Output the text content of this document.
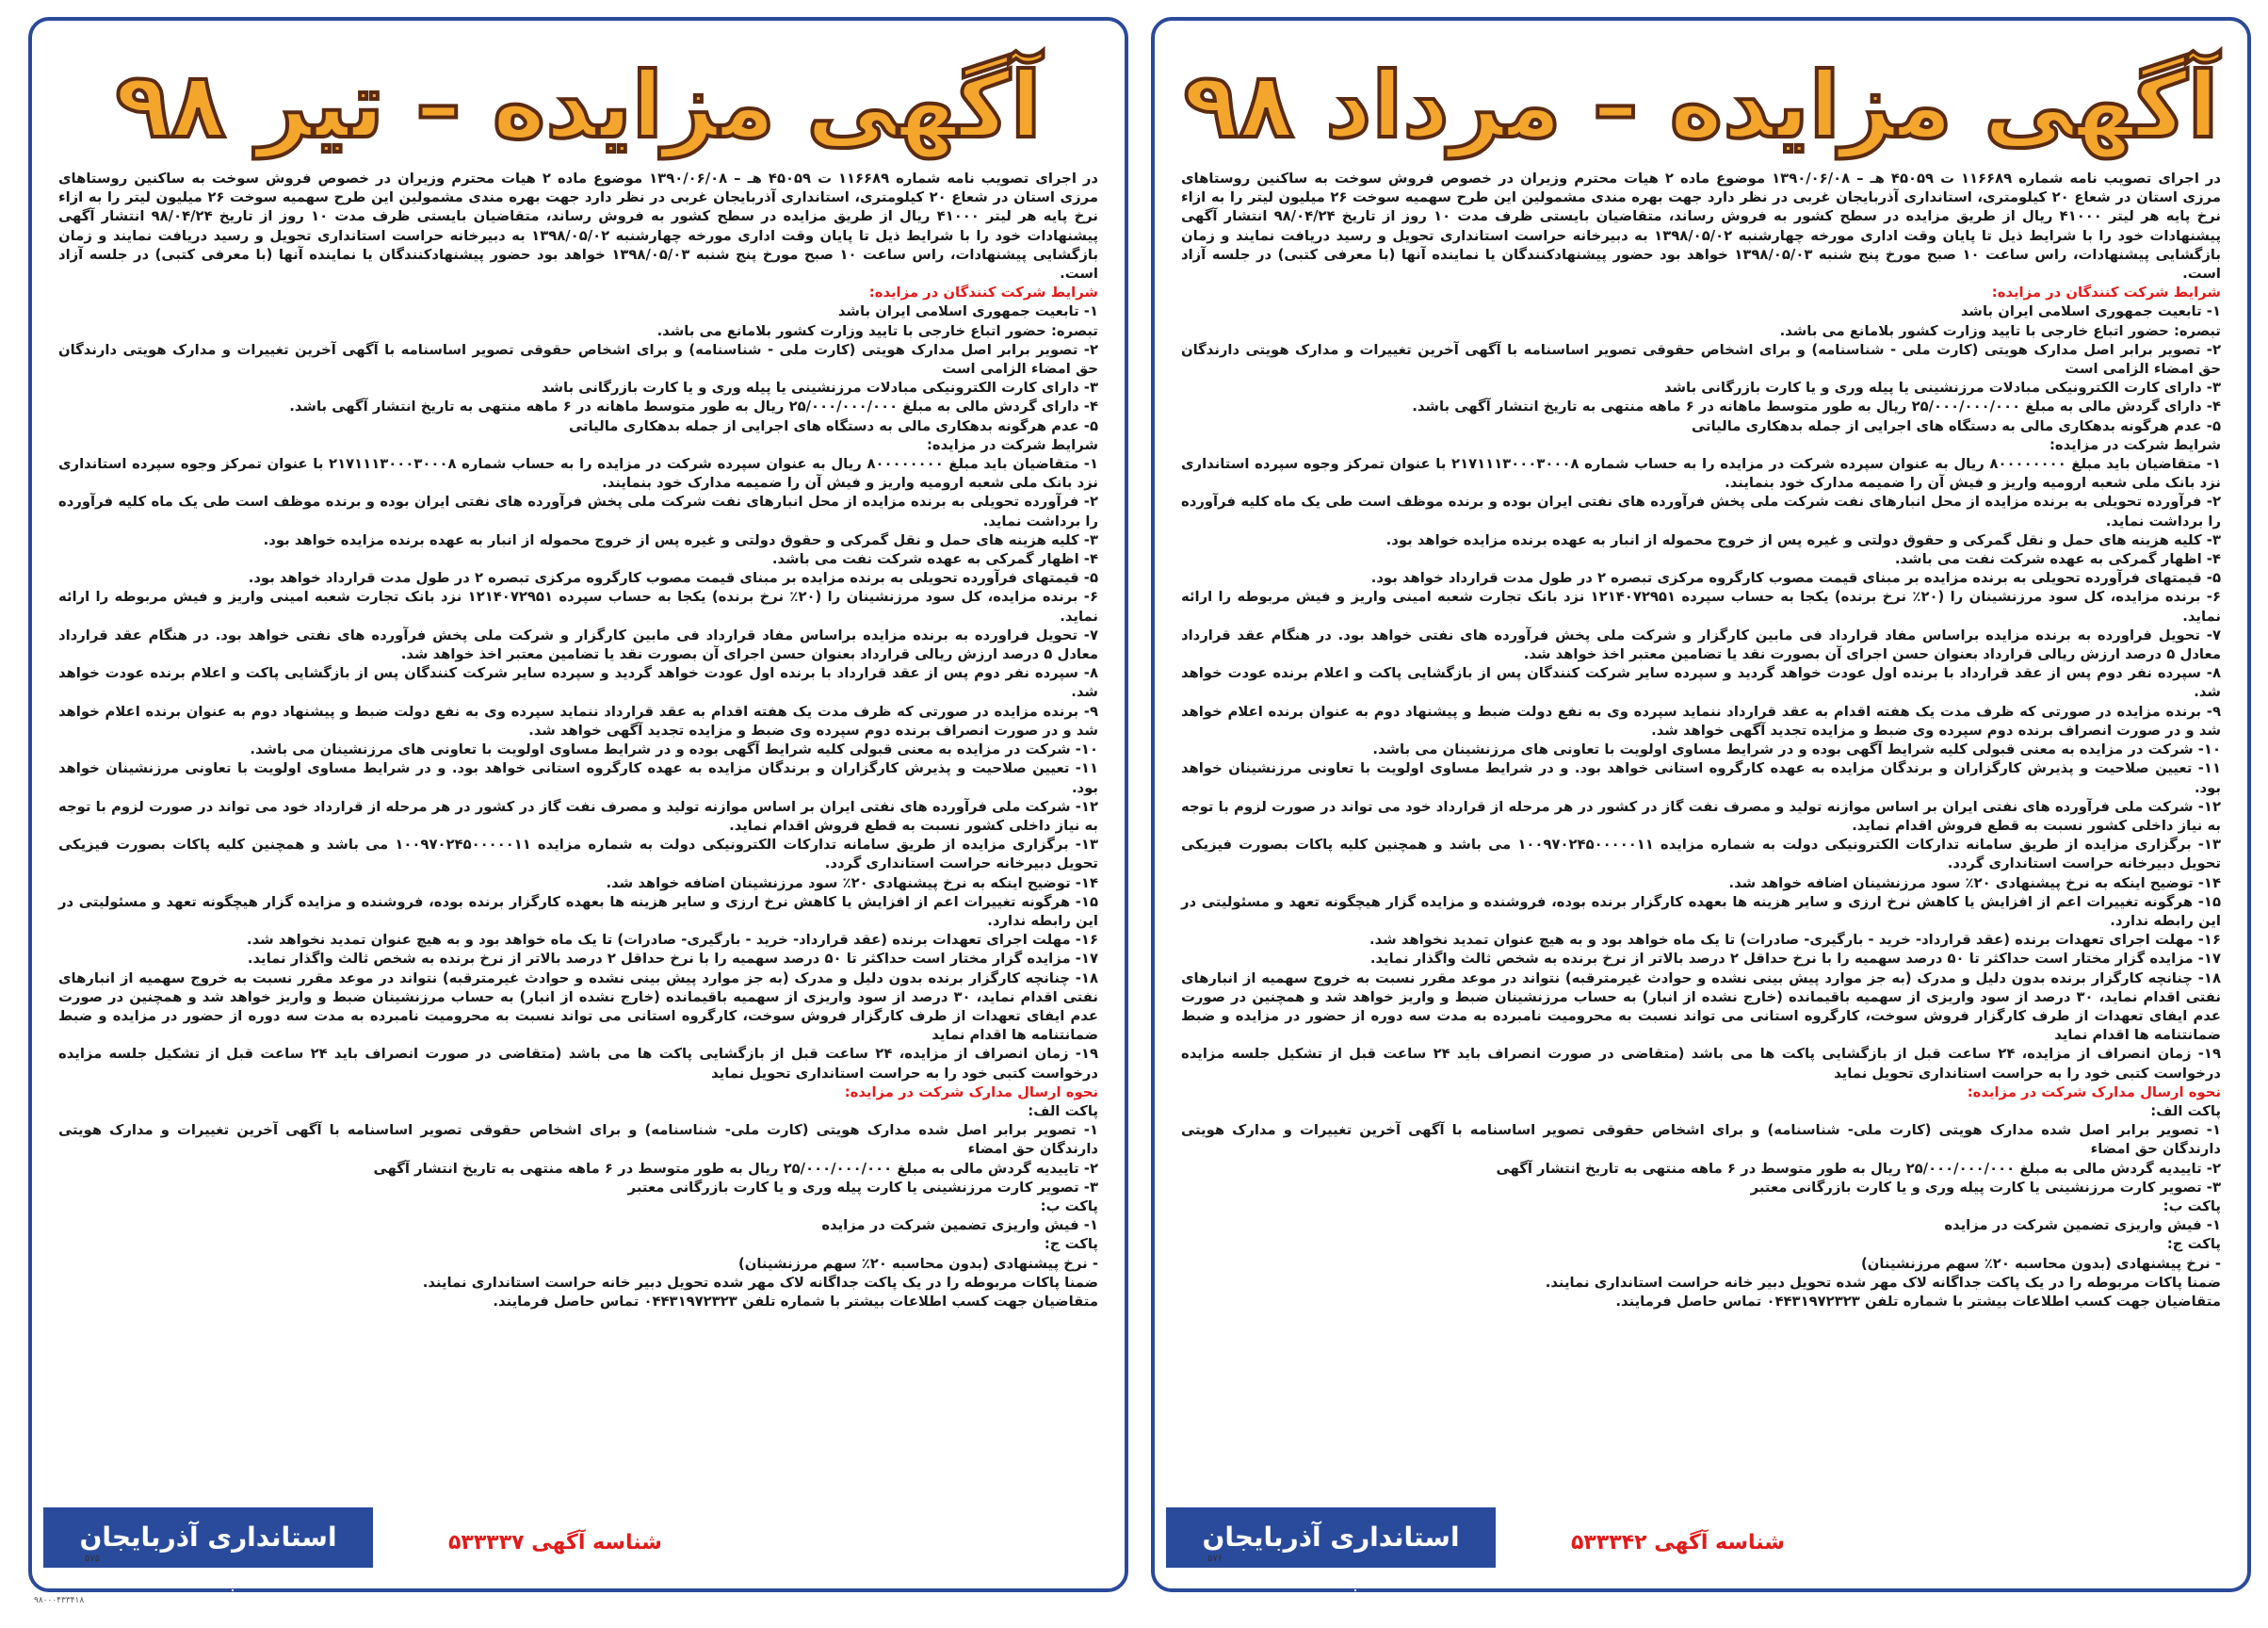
آگهی مزایده – مرداد ۹۸

در اجرای تصویب نامه شماره ۱۱۶۶۸۹ ت ۴۵۰۵۹ هـ – ۱۳۹۰/۰۶/۰۸ موضوع ماده ۲ هیات محترم وزیران در خصوص فروش سوخت به ساکنین روستاهای مرزی استان در شعاع ۲۰ کیلومتری، استانداری آذربایجان غربی در نظر دارد جهت بهره مندی مشمولین این طرح سهمیه سوخت ۲۶ میلیون لیتر را به ازاء نرخ پایه هر لیتر ۴۱۰۰۰ ریال از طریق مزایده در سطح کشور به فروش رساند، متقاضیان بایستی ظرف مدت ۱۰ روز از تاریخ ۹۸/۰۴/۲۴ انتشار آگهی پیشنهادات خود را با شرایط ذیل تا پایان وقت اداری مورخه چهارشنبه ۱۳۹۸/۰۵/۰۲ به دبیرخانه حراست استانداری تحویل و رسید دریافت نمایند و زمان بازگشایی پیشنهادات، راس ساعت ۱۰ صبح مورخ پنج شنبه ۱۳۹۸/۰۵/۰۳ خواهد بود حضور پیشنهادکنندگان یا نماینده آنها (با معرفی کتبی) در جلسه آزاد است.

شرایط شرکت کنندگان در مزایده:

۱- تابعیت جمهوری اسلامی ایران باشد

تبصره: حضور اتباع خارجی با تایید وزارت کشور بلامانع می باشد.

۲- تصویر برابر اصل مدارک هویتی (کارت ملی - شناسنامه) و برای اشخاص حقوقی تصویر اساسنامه با آگهی آخرین تغییرات و مدارک هویتی دارندگان حق امضاء الزامی است

۳- دارای کارت الکترونیکی مبادلات مرزنشینی یا پیله وری و یا کارت بازرگانی باشد

۴- دارای گردش مالی به مبلغ ۲۵/۰۰۰/۰۰۰/۰۰۰ ریال به طور متوسط ماهانه در ۶ ماهه منتهی به تاریخ انتشار آگهی باشد.

۵- عدم هرگونه بدهکاری مالی به دستگاه های اجرایی از جمله بدهکاری مالیاتی

شرایط شرکت در مزایده:

۱- متقاضیان باید مبلغ ۸۰۰۰۰۰۰۰۰ ریال به عنوان سپرده شرکت در مزایده را به حساب شماره ۲۱۷۱۱۱۳۰۰۰۳۰۰۰۸ با عنوان تمرکز وجوه سپرده استانداری نزد بانک ملی شعبه ارومیه واریز و فیش آن را ضمیمه مدارک خود بنمایند.

۲- فرآورده تحویلی به برنده مزایده از محل انبارهای نفت شرکت ملی پخش فرآورده های نفتی ایران بوده و برنده موظف است طی یک ماه کلیه فرآورده را برداشت نماید.

۳- کلیه هزینه های حمل و نقل گمرکی و حقوق دولتی و غیره پس از خروج محموله از انبار به عهده برنده مزایده خواهد بود.

۴- اظهار گمرکی به عهده شرکت نفت می باشد.

۵- قیمتهای فرآورده تحویلی به برنده مزایده بر مبنای قیمت مصوب کارگروه مرکزی تبصره ۲ در طول مدت قرارداد خواهد بود.

۶- برنده مزایده، کل سود مرزنشینان را (۲۰٪ نرخ برنده) یکجا به حساب سپرده ۱۲۱۴۰۷۲۹۵۱ نزد بانک تجارت شعبه امینی واریز و فیش مربوطه را ارائه نماید.

۷- تحویل فراورده به برنده مزایده براساس مفاد قرارداد فی مابین کارگزار و شرکت ملی پخش فرآورده های نفتی خواهد بود. در هنگام عقد قرارداد معادل ۵ درصد ارزش ریالی قرارداد بعنوان حسن اجرای آن بصورت نقد یا تضامین معتبر اخذ خواهد شد.

۸- سپرده نفر دوم پس از عقد قرارداد با برنده اول عودت خواهد گردید و سپرده سایر شرکت کنندگان پس از بازگشایی پاکت و اعلام برنده عودت خواهد شد.

۹- برنده مزایده در صورتی که ظرف مدت یک هفته اقدام به عقد قرارداد ننماید سپرده وی به نفع دولت ضبط و پیشنهاد دوم به عنوان برنده اعلام خواهد شد و در صورت انصراف برنده دوم سپرده وی ضبط و مزایده تجدید آگهی خواهد شد.

۱۰- شرکت در مزایده به معنی قبولی کلیه شرایط آگهی بوده و در شرایط مساوی اولویت با تعاونی های مرزنشینان می باشد.

۱۱- تعیین صلاحیت و پذیرش کارگزاران و برندگان مزایده به عهده کارگروه استانی خواهد بود. و در شرایط مساوی اولویت با تعاونی مرزنشینان خواهد بود.

۱۲- شرکت ملی فرآورده های نفتی ایران بر اساس موازنه تولید و مصرف نفت گاز در کشور در هر مرحله از قرارداد خود می تواند در صورت لزوم با توجه به نیاز داخلی کشور نسبت به قطع فروش اقدام نماید.

۱۳- برگزاری مزایده از طریق سامانه تدارکات الکترونیکی دولت به شماره مزایده ۱۰۰۹۷۰۲۴۵۰۰۰۰۰۱۱ می باشد و همچنین کلیه پاکات بصورت فیزیکی تحویل دبیرخانه حراست استانداری گردد.

۱۴- توضیح اینکه به نرخ پیشنهادی ۲۰٪ سود مرزنشینان اضافه خواهد شد.

۱۵- هرگونه تغییرات اعم از افزایش یا کاهش نرخ ارزی و سایر هزینه ها بعهده کارگزار برنده بوده، فروشنده و مزایده گزار هیچگونه تعهد و مسئولیتی در این رابطه ندارد.

۱۶- مهلت اجرای تعهدات برنده (عقد قرارداد- خرید - بارگیری- صادرات) تا یک ماه خواهد بود و به هیچ عنوان تمدید نخواهد شد.

۱۷- مزایده گزار مختار است حداکثر تا ۵۰ درصد سهمیه را با نرخ حداقل ۲ درصد بالاتر از نرخ برنده به شخص ثالث واگذار نماید.

۱۸- چنانچه کارگزار برنده بدون دلیل و مدرک (به جز موارد پیش بینی نشده و حوادث غیرمترقبه) نتواند در موعد مقرر نسبت به خروج سهمیه از انبارهای نفتی اقدام نماید، ۳۰ درصد از سود واریزی از سهمیه باقیمانده (خارج نشده از انبار) به حساب مرزنشینان ضبط و واریز خواهد شد و همچنین در صورت عدم ایفای تعهدات از طرف کارگزار فروش سوخت، کارگروه استانی می تواند نسبت به محرومیت نامبرده به مدت سه دوره از حضور در مزایده و ضبط ضمانتنامه ها اقدام نماید

۱۹- زمان انصراف از مزایده، ۲۴ ساعت قبل از بازگشایی پاکت ها می باشد (متقاضی در صورت انصراف باید ۲۴ ساعت قبل از تشکیل جلسه مزایده درخواست کتبی خود را به حراست استانداری تحویل نماید

نحوه ارسال مدارک شرکت در مزایده:

پاکت الف:

۱- تصویر برابر اصل شده مدارک هویتی (کارت ملی- شناسنامه) و برای اشخاص حقوقی تصویر اساسنامه با آگهی آخرین تغییرات و مدارک هویتی دارندگان حق امضاء

۲- تاییدیه گردش مالی به مبلغ ۲۵/۰۰۰/۰۰۰/۰۰۰ ریال به طور متوسط در ۶ ماهه منتهی به تاریخ انتشار آگهی

۳- تصویر کارت مرزنشینی یا کارت پیله وری و یا کارت بازرگانی معتبر

پاکت ب:

۱- فیش واریزی تضمین شرکت در مزایده

پاکت ج:

- نرخ پیشنهادی (بدون محاسبه ۲۰٪ سهم مرزنشینان)

ضمنا پاکات مربوطه را در یک پاکت جداگانه لاک مهر شده تحویل دبیر خانه حراست استانداری نمایند.

متقاضیان جهت کسب اطلاعات بیشتر با شماره تلفن ۰۴۴۳۱۹۷۲۳۲۳ تماس حاصل فرمایند.

استانداری آذربایجان غربی
شناسه آگهی ۵۳۳۳۴۲
۵۷۶
آگهی مزایده – تیر ۹۸

در اجرای تصویب نامه شماره ۱۱۶۶۸۹ ت ۴۵۰۵۹ هـ – ۱۳۹۰/۰۶/۰۸ موضوع ماده ۲ هیات محترم وزیران در خصوص فروش سوخت به ساکنین روستاهای مرزی استان در شعاع ۲۰ کیلومتری، استانداری آذربایجان غربی در نظر دارد جهت بهره مندی مشمولین این طرح سهمیه سوخت ۲۶ میلیون لیتر را به ازاء نرخ پایه هر لیتر ۴۱۰۰۰ ریال از طریق مزایده در سطح کشور به فروش رساند، متقاضیان بایستی ظرف مدت ۱۰ روز از تاریخ ۹۸/۰۴/۲۴ انتشار آگهی پیشنهادات خود را با شرایط ذیل تا پایان وقت اداری مورخه چهارشنبه ۱۳۹۸/۰۵/۰۲ به دبیرخانه حراست استانداری تحویل و رسید دریافت نمایند و زمان بازگشایی پیشنهادات، راس ساعت ۱۰ صبح مورخ پنج شنبه ۱۳۹۸/۰۵/۰۳ خواهد بود حضور پیشنهادکنندگان یا نماینده آنها (با معرفی کتبی) در جلسه آزاد است.

شرایط شرکت کنندگان در مزایده:

۱- تابعیت جمهوری اسلامی ایران باشد

تبصره: حضور اتباع خارجی با تایید وزارت کشور بلامانع می باشد.

۲- تصویر برابر اصل مدارک هویتی (کارت ملی - شناسنامه) و برای اشخاص حقوقی تصویر اساسنامه با آگهی آخرین تغییرات و مدارک هویتی دارندگان حق امضاء الزامی است

۳- دارای کارت الکترونیکی مبادلات مرزنشینی یا پیله وری و یا کارت بازرگانی باشد

۴- دارای گردش مالی به مبلغ ۲۵/۰۰۰/۰۰۰/۰۰۰ ریال به طور متوسط ماهانه در ۶ ماهه منتهی به تاریخ انتشار آگهی باشد.

۵- عدم هرگونه بدهکاری مالی به دستگاه های اجرایی از جمله بدهکاری مالیاتی

شرایط شرکت در مزایده:

۱- متقاضیان باید مبلغ ۸۰۰۰۰۰۰۰۰ ریال به عنوان سپرده شرکت در مزایده را به حساب شماره ۲۱۷۱۱۱۳۰۰۰۳۰۰۰۸ با عنوان تمرکز وجوه سپرده استانداری نزد بانک ملی شعبه ارومیه واریز و فیش آن را ضمیمه مدارک خود بنمایند.

۲- فرآورده تحویلی به برنده مزایده از محل انبارهای نفت شرکت ملی پخش فرآورده های نفتی ایران بوده و برنده موظف است طی یک ماه کلیه فرآورده را برداشت نماید.

۳- کلیه هزینه های حمل و نقل گمرکی و حقوق دولتی و غیره پس از خروج محموله از انبار به عهده برنده مزایده خواهد بود.

۴- اظهار گمرکی به عهده شرکت نفت می باشد.

۵- قیمتهای فرآورده تحویلی به برنده مزایده بر مبنای قیمت مصوب کارگروه مرکزی تبصره ۲ در طول مدت قرارداد خواهد بود.

۶- برنده مزایده، کل سود مرزنشینان را (۲۰٪ نرخ برنده) یکجا به حساب سپرده ۱۲۱۴۰۷۲۹۵۱ نزد بانک تجارت شعبه امینی واریز و فیش مربوطه را ارائه نماید.

۷- تحویل فراورده به برنده مزایده براساس مفاد قرارداد فی مابین کارگزار و شرکت ملی پخش فرآورده های نفتی خواهد بود. در هنگام عقد قرارداد معادل ۵ درصد ارزش ریالی قرارداد بعنوان حسن اجرای آن بصورت نقد یا تضامین معتبر اخذ خواهد شد.

۸- سپرده نفر دوم پس از عقد قرارداد با برنده اول عودت خواهد گردید و سپرده سایر شرکت کنندگان پس از بازگشایی پاکت و اعلام برنده عودت خواهد شد.

۹- برنده مزایده در صورتی که ظرف مدت یک هفته اقدام به عقد قرارداد ننماید سپرده وی به نفع دولت ضبط و پیشنهاد دوم به عنوان برنده اعلام خواهد شد و در صورت انصراف برنده دوم سپرده وی ضبط و مزایده تجدید آگهی خواهد شد.

۱۰- شرکت در مزایده به معنی قبولی کلیه شرایط آگهی بوده و در شرایط مساوی اولویت با تعاونی های مرزنشینان می باشد.

۱۱- تعیین صلاحیت و پذیرش کارگزاران و برندگان مزایده به عهده کارگروه استانی خواهد بود. و در شرایط مساوی اولویت با تعاونی مرزنشینان خواهد بود.

۱۲- شرکت ملی فرآورده های نفتی ایران بر اساس موازنه تولید و مصرف نفت گاز در کشور در هر مرحله از قرارداد خود می تواند در صورت لزوم با توجه به نیاز داخلی کشور نسبت به قطع فروش اقدام نماید.

۱۳- برگزاری مزایده از طریق سامانه تدارکات الکترونیکی دولت به شماره مزایده ۱۰۰۹۷۰۲۴۵۰۰۰۰۰۱۱ می باشد و همچنین کلیه پاکات بصورت فیزیکی تحویل دبیرخانه حراست استانداری گردد.

۱۴- توضیح اینکه به نرخ پیشنهادی ۲۰٪ سود مرزنشینان اضافه خواهد شد.

۱۵- هرگونه تغییرات اعم از افزایش یا کاهش نرخ ارزی و سایر هزینه ها بعهده کارگزار برنده بوده، فروشنده و مزایده گزار هیچگونه تعهد و مسئولیتی در این رابطه ندارد.

۱۶- مهلت اجرای تعهدات برنده (عقد قرارداد- خرید - بارگیری- صادرات) تا یک ماه خواهد بود و به هیچ عنوان تمدید نخواهد شد.

۱۷- مزایده گزار مختار است حداکثر تا ۵۰ درصد سهمیه را با نرخ حداقل ۲ درصد بالاتر از نرخ برنده به شخص ثالث واگذار نماید.

۱۸- چنانچه کارگزار برنده بدون دلیل و مدرک (به جز موارد پیش بینی نشده و حوادث غیرمترقبه) نتواند در موعد مقرر نسبت به خروج سهمیه از انبارهای نفتی اقدام نماید، ۳۰ درصد از سود واریزی از سهمیه باقیمانده (خارج نشده از انبار) به حساب مرزنشینان ضبط و واریز خواهد شد و همچنین در صورت عدم ایفای تعهدات از طرف کارگزار فروش سوخت، کارگروه استانی می تواند نسبت به محرومیت نامبرده به مدت سه دوره از حضور در مزایده و ضبط ضمانتنامه ها اقدام نماید

۱۹- زمان انصراف از مزایده، ۲۴ ساعت قبل از بازگشایی پاکت ها می باشد (متقاضی در صورت انصراف باید ۲۴ ساعت قبل از تشکیل جلسه مزایده درخواست کتبی خود را به حراست استانداری تحویل نماید

نحوه ارسال مدارک شرکت در مزایده:

پاکت الف:

۱- تصویر برابر اصل شده مدارک هویتی (کارت ملی- شناسنامه) و برای اشخاص حقوقی تصویر اساسنامه با آگهی آخرین تغییرات و مدارک هویتی دارندگان حق امضاء

۲- تاییدیه گردش مالی به مبلغ ۲۵/۰۰۰/۰۰۰/۰۰۰ ریال به طور متوسط در ۶ ماهه منتهی به تاریخ انتشار آگهی

۳- تصویر کارت مرزنشینی یا کارت پیله وری و یا کارت بازرگانی معتبر

پاکت ب:

۱- فیش واریزی تضمین شرکت در مزایده

پاکت ج:

- نرخ پیشنهادی (بدون محاسبه ۲۰٪ سهم مرزنشینان)

ضمنا پاکات مربوطه را در یک پاکت جداگانه لاک مهر شده تحویل دبیر خانه حراست استانداری نمایند.

متقاضیان جهت کسب اطلاعات بیشتر با شماره تلفن ۰۴۴۳۱۹۷۲۳۲۳ تماس حاصل فرمایند.

استانداری آذربایجان غربی
شناسه آگهی ۵۳۳۳۳۷
۵۷۵
۹۸۰۰۰۴۳۳۴۱۸
